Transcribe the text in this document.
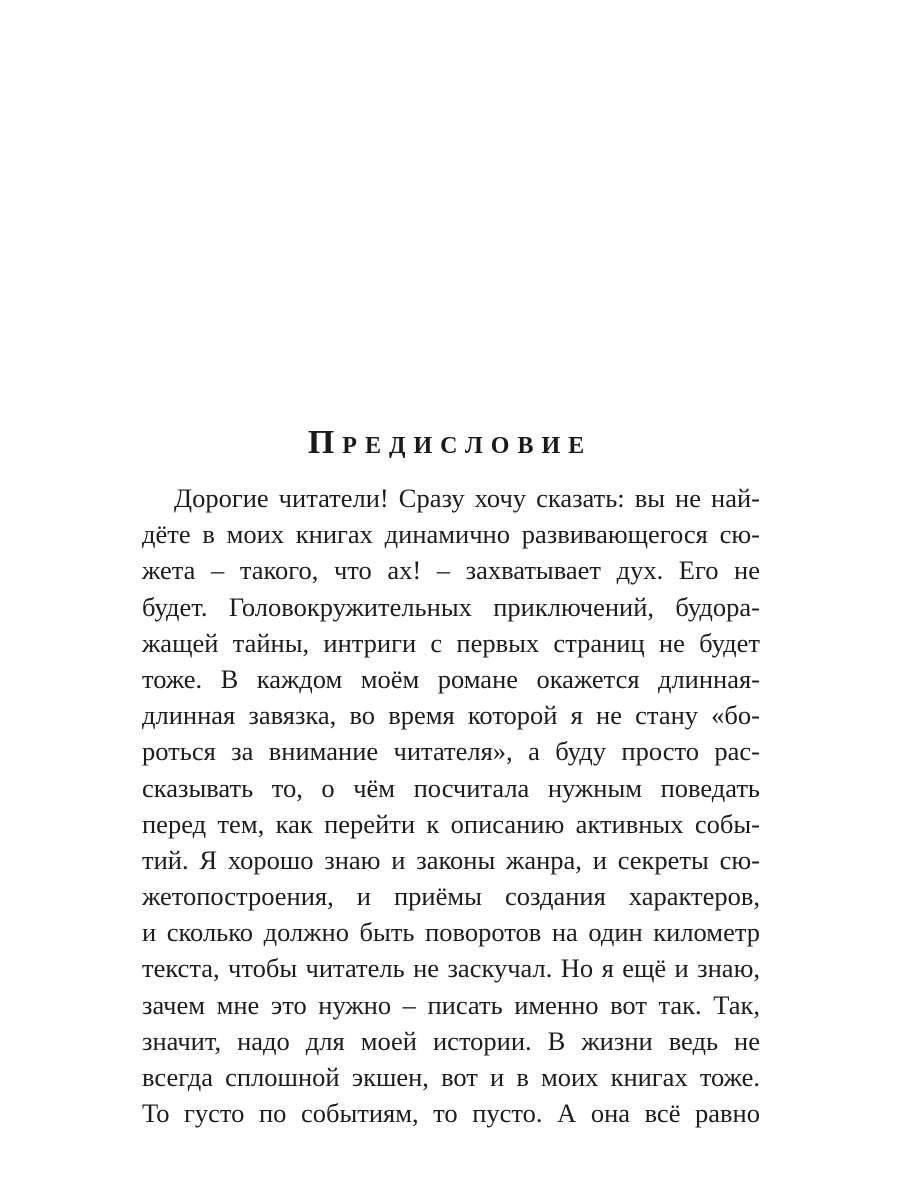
Предисловие
Дорогие читатели! Сразу хочу сказать: вы не най-
дёте в моих книгах динамично развивающегося сю-
жета – такого, что ах! – захватывает дух. Его не
будет. Головокружительных приключений, будора-
жащей тайны, интриги с первых страниц не будет
тоже. В каждом моём романе окажется длинная-
длинная завязка, во время которой я не стану «бо-
роться за внимание читателя», а буду просто рас-
сказывать то, о чём посчитала нужным поведать
перед тем, как перейти к описанию активных собы-
тий. Я хорошо знаю и законы жанра, и секреты сю-
жетопостроения, и приёмы создания характеров,
и сколько должно быть поворотов на один километр
текста, чтобы читатель не заскучал. Но я ещё и знаю,
зачем мне это нужно – писать именно вот так. Так,
значит, надо для моей истории. В жизни ведь не
всегда сплошной экшен, вот и в моих книгах тоже.
То густо по событиям, то пусто. А она всё равно
